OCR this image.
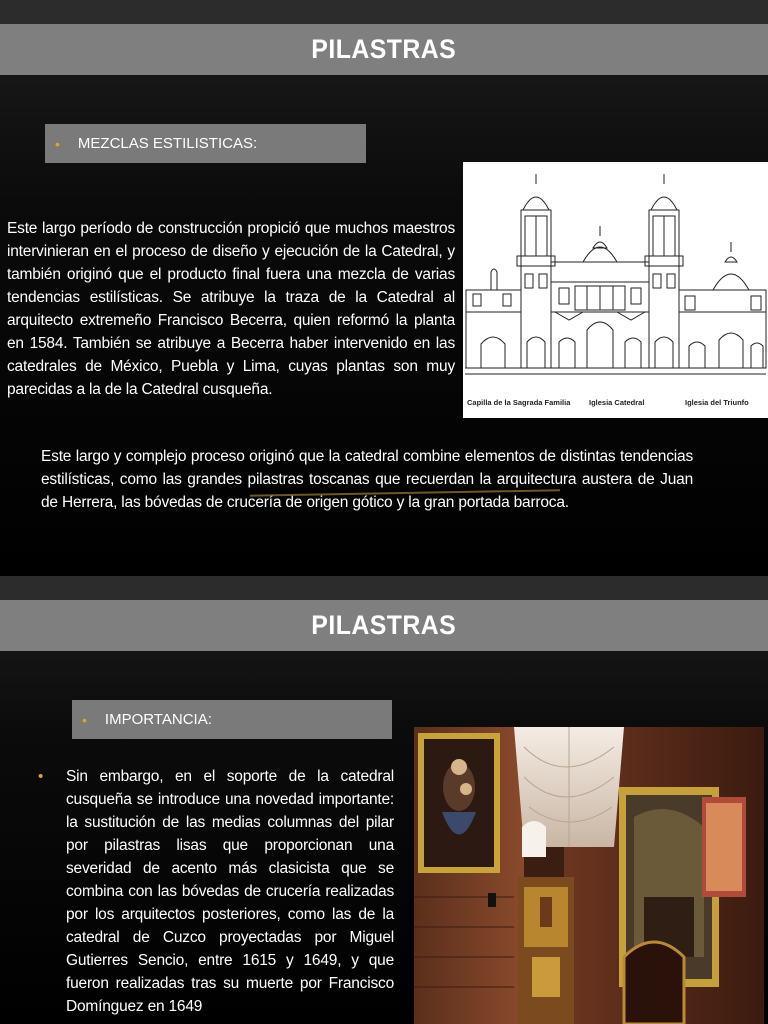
PILASTRAS
• MEZCLAS ESTILISTICAS:

Este largo período de construcción propició que muchos maestros intervinieran en el proceso de diseño y ejecución de la Catedral, y también originó que el producto final fuera una mezcla de varias tendencias estilísticas. Se atribuye la traza de la Catedral al arquitecto extremeño Francisco Becerra, quien reformó la planta en 1584. También se atribuye a Becerra haber intervenido en las catedrales de México, Puebla y Lima, cuyas plantas son muy parecidas a la de la Catedral cusqueña.

Capilla de la Sagrada Familia Iglesia Catedral	Iglesia del Triunfo

Este largo y complejo proceso originó que la catedral combine elementos de distintas tendencias estilísticas, como las grandes pilastras toscanas que recuerdan la arquitectura austera de Juan de Herrera, las bóvedas de crucería de origen gótico y la gran portada barroca.

PILASTRAS
• IMPORTANCIA:
•	Sin embargo, en el soporte de la catedral cusqueña se introduce una novedad importante: la sustitución de las medias columnas del pilar por pilastras lisas que proporcionan una severidad de acento más clasicista que se combina con las bóvedas de crucería realizadas por los arquitectos posteriores, como las de la catedral de Cuzco proyectadas por Miguel Gutierres Sencio, entre 1615 y 1649, y que fueron realizadas tras su muerte por Francisco Domínguez en 1649
